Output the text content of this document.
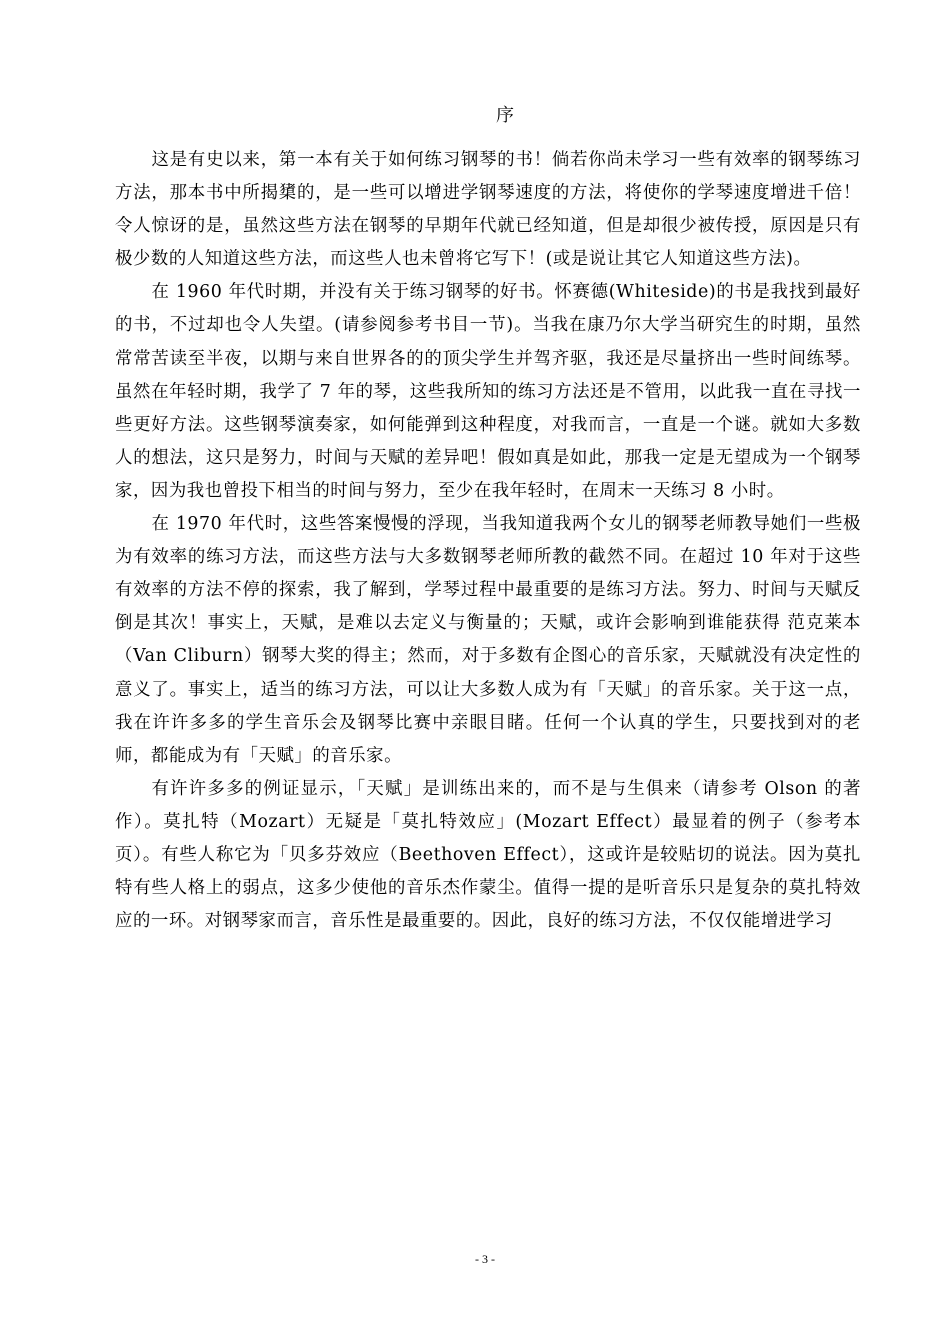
序

这是有史以来，第一本有关于如何练习钢琴的书！倘若你尚未学习一些有效率的钢琴练习方法，那本书中所揭橥的，是一些可以增进学钢琴速度的方法，将使你的学琴速度增进千倍！令人惊讶的是，虽然这些方法在钢琴的早期年代就已经知道，但是却很少被传授，原因是只有极少数的人知道这些方法，而这些人也未曾将它写下！(或是说让其它人知道这些方法)。

在 1960 年代时期，并没有关于练习钢琴的好书。怀赛德(Whiteside)的书是我找到最好的书，不过却也令人失望。(请参阅参考书目一节)。当我在康乃尔大学当研究生的时期，虽然常常苦读至半夜，以期与来自世界各的的顶尖学生并驾齐驱，我还是尽量挤出一些时间练琴。虽然在年轻时期，我学了 7 年的琴，这些我所知的练习方法还是不管用，以此我一直在寻找一些更好方法。这些钢琴演奏家，如何能弹到这种程度，对我而言，一直是一个谜。就如大多数人的想法，这只是努力，时间与天赋的差异吧！假如真是如此，那我一定是无望成为一个钢琴家，因为我也曾投下相当的时间与努力，至少在我年轻时，在周末一天练习 8 小时。

在 1970 年代时，这些答案慢慢的浮现，当我知道我两个女儿的钢琴老师教导她们一些极为有效率的练习方法，而这些方法与大多数钢琴老师所教的截然不同。在超过 10 年对于这些有效率的方法不停的探索，我了解到，学琴过程中最重要的是练习方法。努力、时间与天赋反倒是其次！事实上，天赋，是难以去定义与衡量的；天赋，或许会影响到谁能获得 范克莱本（Van Cliburn）钢琴大奖的得主；然而，对于多数有企图心的音乐家，天赋就没有决定性的意义了。事实上，适当的练习方法，可以让大多数人成为有「天赋」的音乐家。关于这一点，我在许许多多的学生音乐会及钢琴比赛中亲眼目睹。任何一个认真的学生，只要找到对的老师，都能成为有「天赋」的音乐家。

有许许多多的例证显示，「天赋」是训练出来的，而不是与生俱来（请参考 Olson 的著作）。莫扎特（Mozart）无疑是「莫扎特效应」(Mozart Effect）最显着的例子（参考本页）。有些人称它为「贝多芬效应（Beethoven Effect），这或许是较贴切的说法。因为莫扎特有些人格上的弱点，这多少使他的音乐杰作蒙尘。值得一提的是听音乐只是复杂的莫扎特效应的一环。对钢琴家而言，音乐性是最重要的。因此，良好的练习方法，不仅仅能增进学习

- 3 -
